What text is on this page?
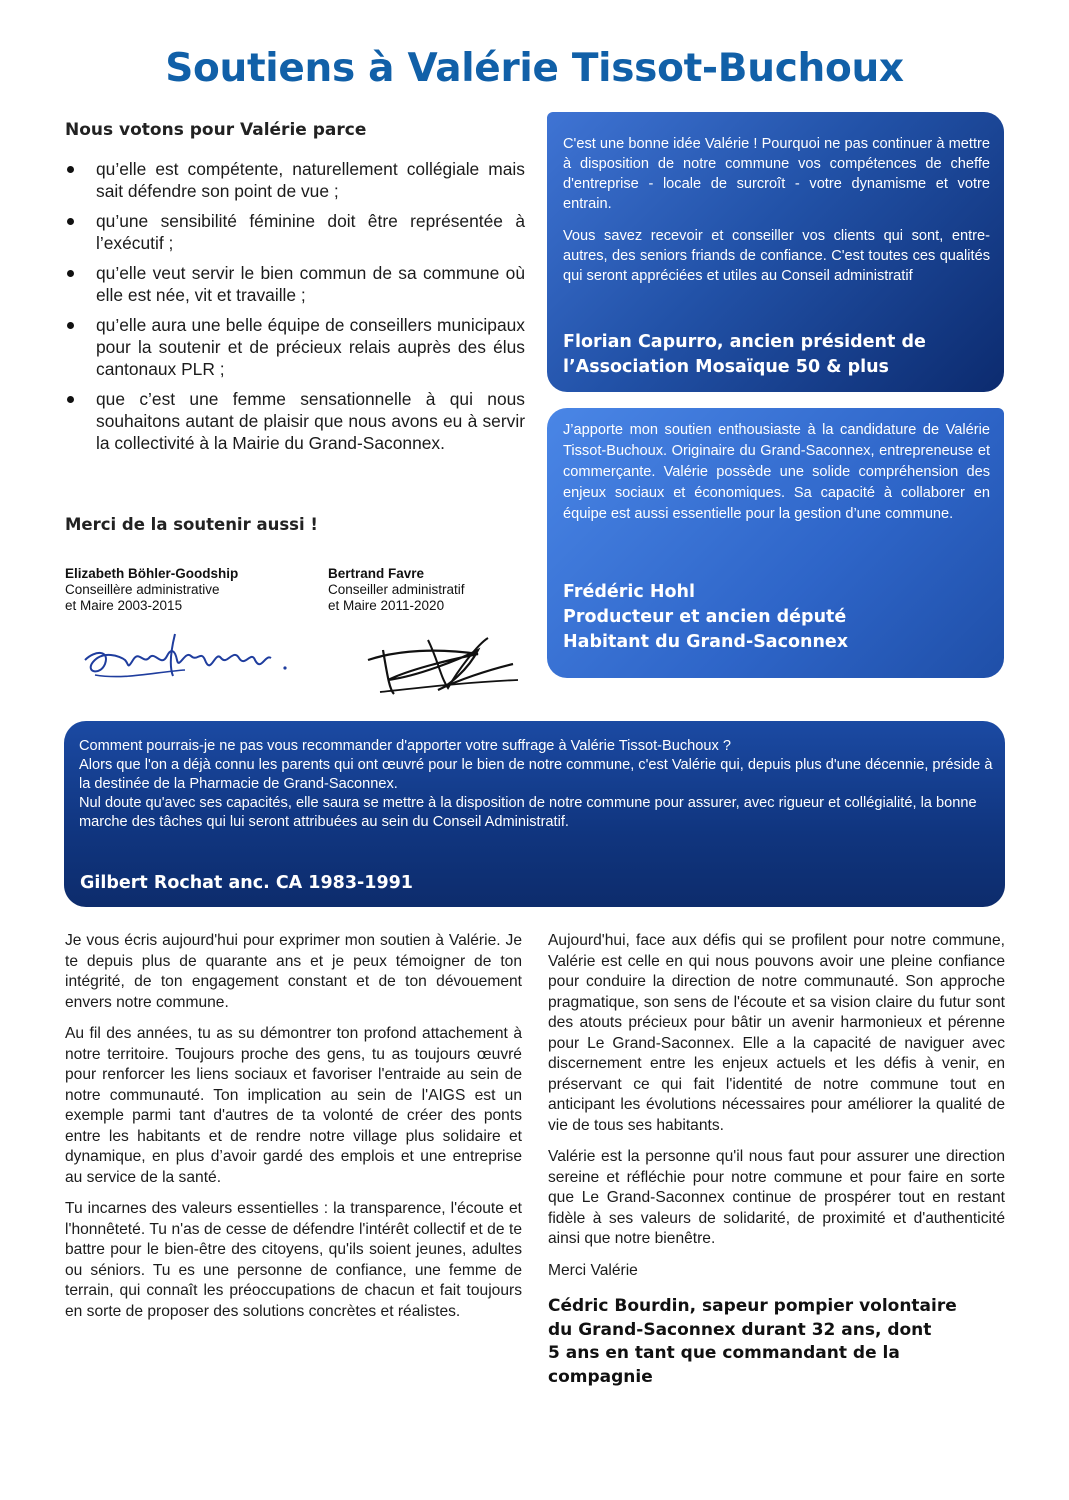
Soutiens à Valérie Tissot-Buchoux

Nous votons pour Valérie parce

qu’elle est compétente, naturellement collégiale mais sait défendre son point de vue ;
qu’une sensibilité féminine doit être représentée à l’exécutif ;
qu’elle veut servir le bien commun de sa commune où elle est née, vit et travaille ;
qu’elle aura une belle équipe de conseillers municipaux pour la soutenir et de précieux relais auprès des élus cantonaux PLR ;
que c’est une femme sensationnelle à qui nous souhaitons autant de plaisir que nous avons eu à servir la collectivité à la Mairie du Grand-Saconnex.

Merci de la soutenir aussi !

Elizabeth Böhler-Goodship
Conseillère administrative
et Maire 2003-2015
Bertrand Favre
Conseiller administratif
et Maire 2011-2020

C'est une bonne idée Valérie ! Pourquoi ne pas continuer à mettre à disposition de notre commune vos compétences de cheffe d'entreprise - locale de surcroît - votre dynamisme et votre entrain.

Vous savez recevoir et conseiller vos clients qui sont, entre-autres, des seniors friands de confiance. C'est toutes ces qualités qui seront appréciées et utiles au Conseil administratif

Florian Capurro, ancien président de
l’Association Mosaïque 50 & plus

J’apporte mon soutien enthousiaste à la candidature de Valérie Tissot-Buchoux. Originaire du Grand-Saconnex, entrepreneuse et commerçante. Valérie possède une solide compréhension des enjeux sociaux et économiques. Sa capacité à collaborer en équipe est aussi essentielle pour la gestion d’une commune.

Frédéric Hohl
Producteur et ancien député
Habitant du Grand-Saconnex

Comment pourrais-je ne pas vous recommander d'apporter votre suffrage à Valérie Tissot-Buchoux ?

Alors que l'on a déjà connu les parents qui ont œuvré pour le bien de notre commune, c'est Valérie qui, depuis plus d'une décennie, préside à la destinée de la Pharmacie de Grand-Saconnex.

Nul doute qu'avec ses capacités, elle saura se mettre à la disposition de notre commune pour assurer, avec rigueur et collégialité, la bonne marche des tâches qui lui seront attribuées au sein du Conseil Administratif.

Gilbert Rochat anc. CA 1983-1991

Je vous écris aujourd'hui pour exprimer mon soutien à Valérie. Je te depuis plus de quarante ans et je peux témoigner de ton intégrité, de ton engagement constant et de ton dévouement envers notre commune.

Au fil des années, tu as su démontrer ton profond attachement à notre territoire. Toujours proche des gens, tu as toujours œuvré pour renforcer les liens sociaux et favoriser l'entraide au sein de notre communauté. Ton implication au sein de l'AIGS est un exemple parmi tant d'autres de ta volonté de créer des ponts entre les habitants et de rendre notre village plus solidaire et dynamique, en plus d’avoir gardé des emplois et une entreprise au service de la santé.

Tu incarnes des valeurs essentielles : la transparence, l'écoute et l'honnêteté. Tu n'as de cesse de défendre l'intérêt collectif et de te battre pour le bien-être des citoyens, qu'ils soient jeunes, adultes ou séniors. Tu es une personne de confiance, une femme de terrain, qui connaît les préoccupations de chacun et fait toujours en sorte de proposer des solutions concrètes et réalistes.

Aujourd'hui, face aux défis qui se profilent pour notre commune, Valérie est celle en qui nous pouvons avoir une pleine confiance pour conduire la direction de notre communauté. Son approche pragmatique, son sens de l'écoute et sa vision claire du futur sont des atouts précieux pour bâtir un avenir harmonieux et pérenne pour Le Grand-Saconnex. Elle a la capacité de naviguer avec discernement entre les enjeux actuels et les défis à venir, en préservant ce qui fait l'identité de notre commune tout en anticipant les évolutions nécessaires pour améliorer la qualité de vie de tous ses habitants.

Valérie est la personne qu'il nous faut pour assurer une direction sereine et réfléchie pour notre commune et pour faire en sorte que Le Grand-Saconnex continue de prospérer tout en restant fidèle à ses valeurs de solidarité, de proximité et d'authenticité ainsi que notre bienêtre.

Merci Valérie

Cédric Bourdin, sapeur pompier volontaire
du Grand-Saconnex durant 32 ans, dont
5 ans en tant que commandant de la
compagnie
